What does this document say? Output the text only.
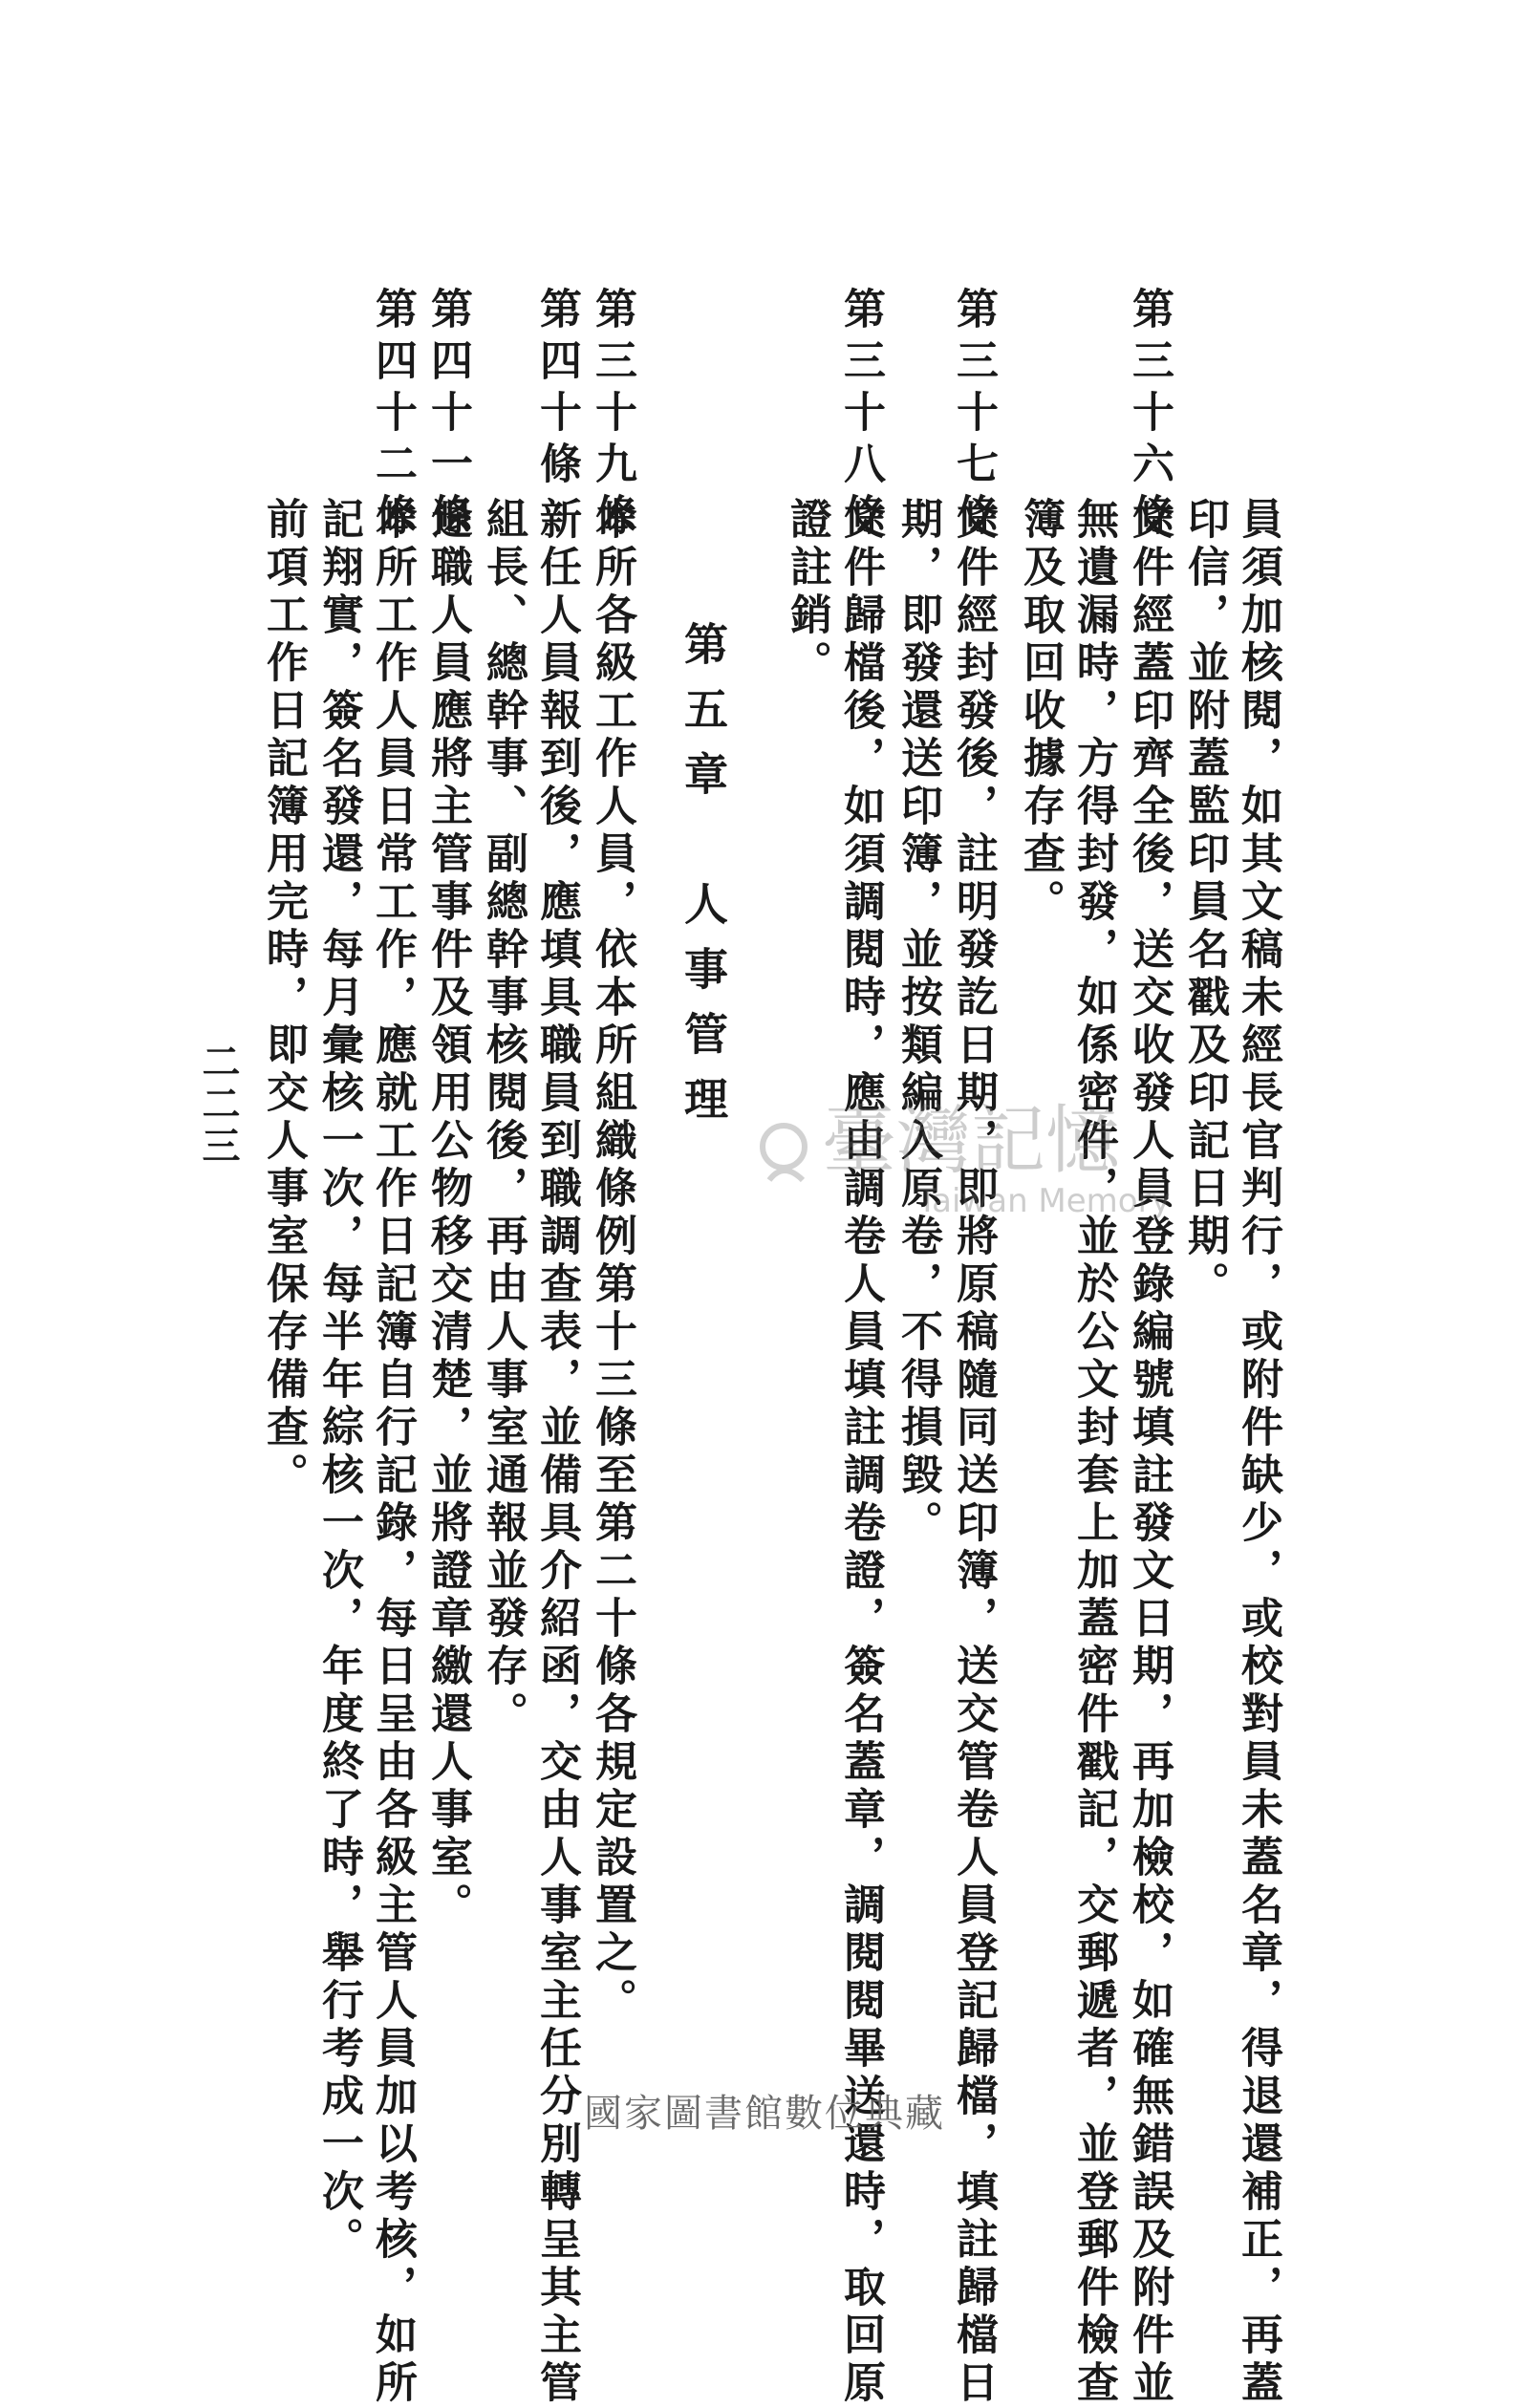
員須加核閱，如其文稿未經長官判行，或附件缺少，或校對員未蓋名章，得退還補正，再蓋
印信，並附蓋監印員名戳及印記日期。
第三十六條
文件經蓋印齊全後，送交收發人員登錄編號填註發文日期，再加檢校，如確無錯誤及附件並
無遺漏時，方得封發，如係密件，並於公文封套上加蓋密件戳記，交郵遞者，並登郵件檢查
簿及取回收據存查。
第三十七條
文件經封發後，註明發訖日期，即將原稿隨同送印簿，送交管卷人員登記歸檔，填註歸檔日
期，即發還送印簿，並按類編入原卷，不得損毀。
第三十八條
文件歸檔後，如須調閱時，應由調卷人員填註調卷證，簽名蓋章，調閱閱畢送還時，取回原
證註銷。
第五章　人事管理
第三十九條
本所各級工作人員，依本所組織條例第十三條至第二十條各規定設置之。
第四十條
新任人員報到後，應填具職員到職調查表，並備具介紹函，交由人事室主任分別轉呈其主管
組長、總幹事、副總幹事核閱後，再由人事室通報並發存。
第四十一條
退職人員應將主管事件及領用公物移交清楚，並將證章繳還人事室。
第四十二條
本所工作人員日常工作，應就工作日記簿自行記錄，每日呈由各級主管人員加以考核，如所
記翔實，簽名發還，每月彙核一次，每半年綜核一次，年度終了時，舉行考成一次。
前項工作日記簿用完時，即交人事室保存備查。
二二三	臺灣記憶
Taiwan Memory
國家圖書館數位典藏
